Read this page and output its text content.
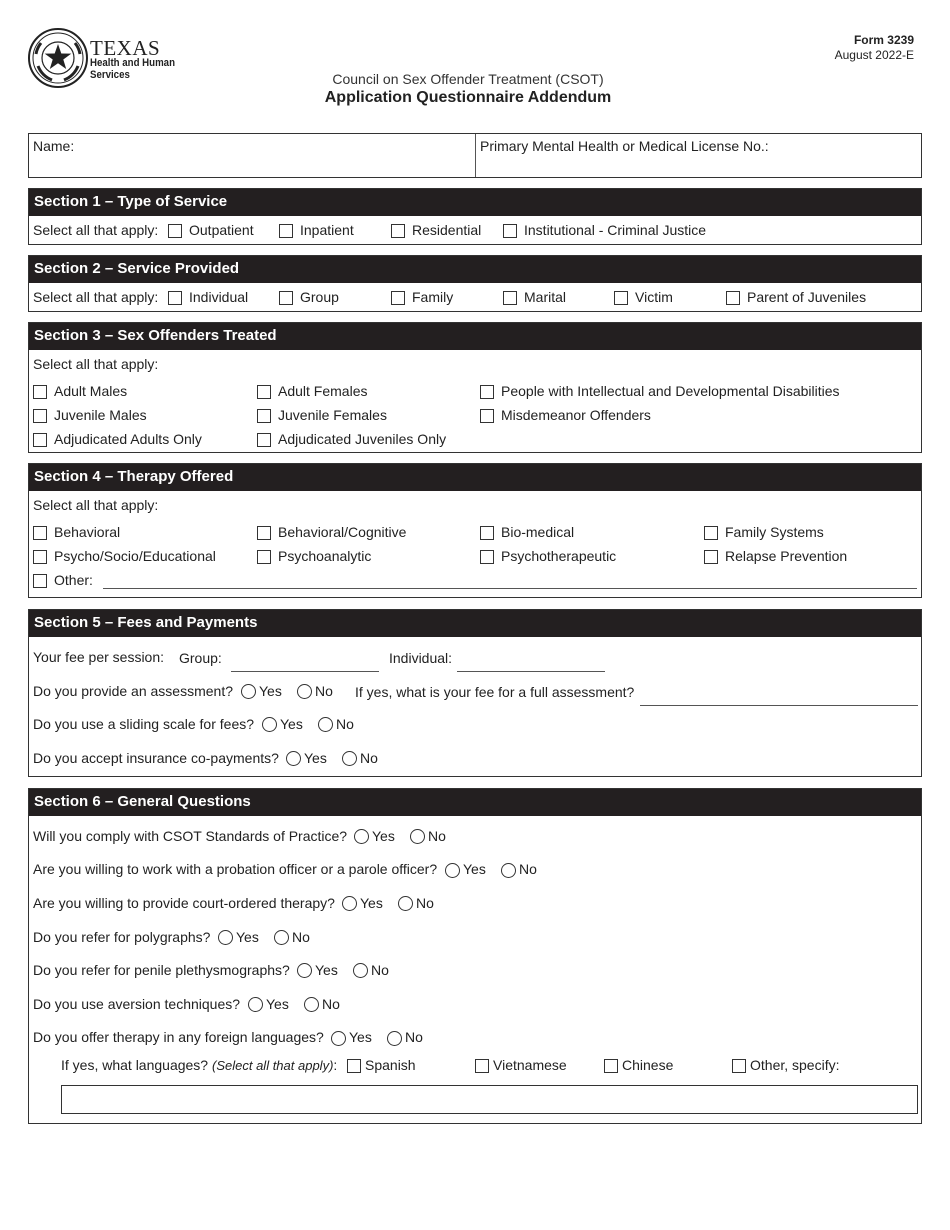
TEXAS
Health and Human
Services
Form 3239
August 2022-E
Council on Sex Offender Treatment (CSOT)
Application Questionnaire Addendum
Name:	Primary Mental Health or Medical License No.:
Section 1 – Type of Service
Select all that apply: Outpatient	Inpatient	Residential	Institutional - Criminal Justice
Section 2 – Service Provided
Select all that apply: Individual	Group	Family	Marital	Victim	Parent of Juveniles
Section 3 – Sex Offenders Treated
Select all that apply:
Adult Males	Adult Females	People with Intellectual and Developmental Disabilities
Juvenile Males	Juvenile Females	Misdemeanor Offenders
Adjudicated Adults Only	Adjudicated Juveniles Only
Section 4 – Therapy Offered
Select all that apply:
Behavioral	Behavioral/Cognitive	Bio-medical	Family Systems
Psycho/Socio/Educational	Psychoanalytic	Psychotherapeutic	Relapse Prevention
Other:
Section 5 – Fees and Payments
Your fee per session: Group:	Individual:
Do you provide an assessment? Yes No If yes, what is your fee for a full assessment?
Do you use a sliding scale for fees? Yes No
Do you accept insurance co-payments? Yes No
Section 6 – General Questions
Will you comply with CSOT Standards of Practice? Yes No
Are you willing to work with a probation officer or a parole officer? Yes No
Are you willing to provide court-ordered therapy? Yes No
Do you refer for polygraphs? Yes No
Do you refer for penile plethysmographs? Yes No
Do you use aversion techniques? Yes No
Do you offer therapy in any foreign languages? Yes No
If yes, what languages? (Select all that apply): Spanish	Vietnamese	Chinese	Other, specify:
